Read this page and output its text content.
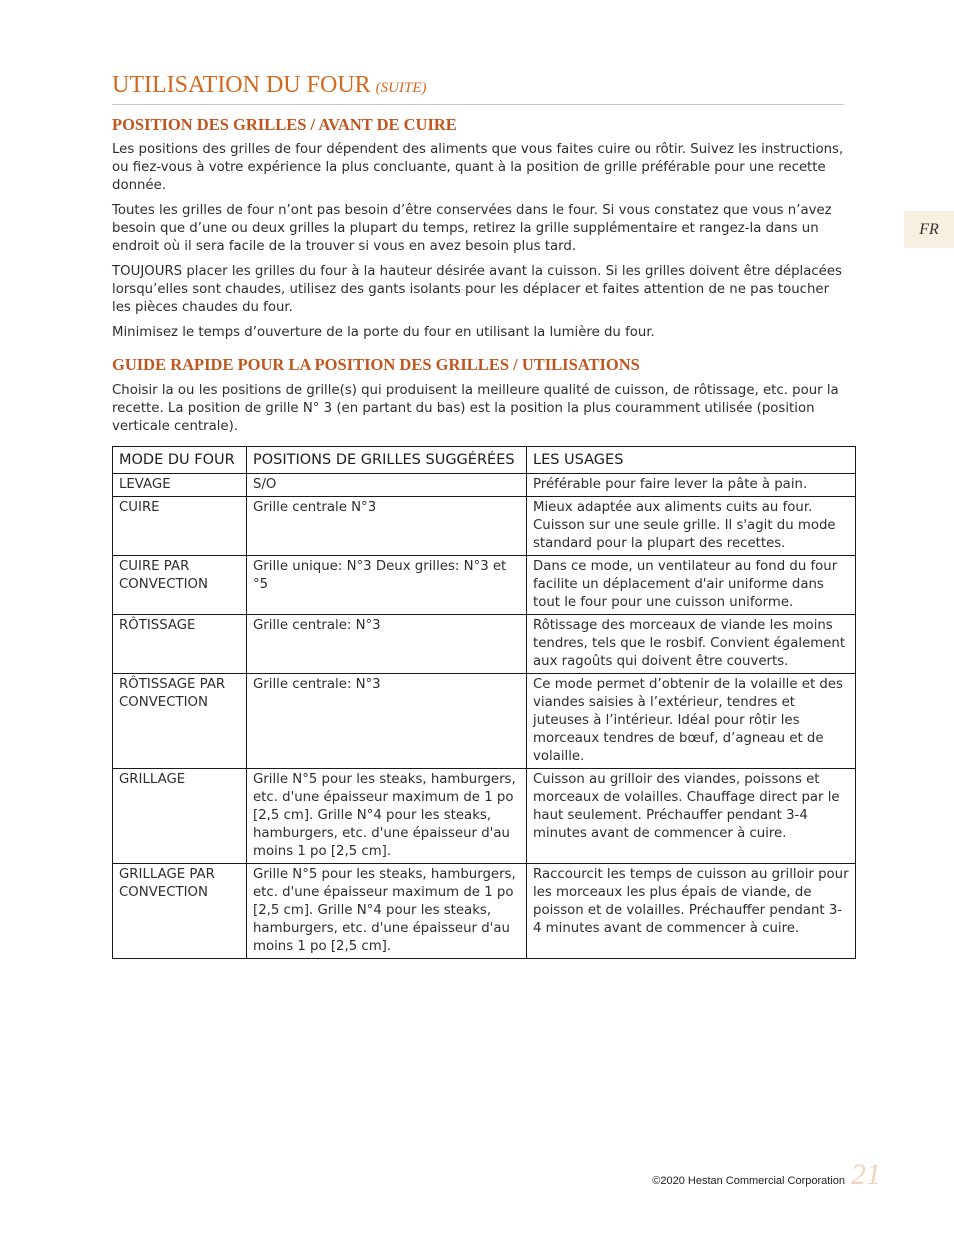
UTILISATION DU FOUR (SUITE)
FR
POSITION DES GRILLES / AVANT DE CUIRE

Les positions des grilles de four dépendent des aliments que vous faites cuire ou rôtir. Suivez les instructions, ou fiez-vous à votre expérience la plus concluante, quant à la position de grille préférable pour une recette donnée.

Toutes les grilles de four n’ont pas besoin d’être conservées dans le four. Si vous constatez que vous n’avez besoin que d’une ou deux grilles la plupart du temps, retirez la grille supplémentaire et rangez-la dans un endroit où il sera facile de la trouver si vous en avez besoin plus tard.

TOUJOURS placer les grilles du four à la hauteur désirée avant la cuisson. Si les grilles doivent être déplacées lorsqu’elles sont chaudes, utilisez des gants isolants pour les déplacer et faites attention de ne pas toucher les pièces chaudes du four.

Minimisez le temps d’ouverture de la porte du four en utilisant la lumière du four.

GUIDE RAPIDE POUR LA POSITION DES GRILLES / UTILISATIONS

Choisir la ou les positions de grille(s) qui produisent la meilleure qualité de cuisson, de rôtissage, etc. pour la recette. La position de grille N° 3 (en partant du bas) est la position la plus couramment utilisée (position verticale centrale).

MODE DU FOUR	POSITIONS DE GRILLES SUGGÉRÉES	LES USAGES
LEVAGE	S/O	Préférable pour faire lever la pâte à pain.
CUIRE	Grille centrale N°3	Mieux adaptée aux aliments cuits au four. Cuisson sur une seule grille. Il s'agit du mode standard pour la plupart des recettes.
CUIRE PAR CONVECTION	Grille unique: N°3 Deux grilles: N°3 et °5	Dans ce mode, un ventilateur au fond du four facilite un déplacement d'air uniforme dans tout le four pour une cuisson uniforme.
RÔTISSAGE	Grille centrale: N°3	Rôtissage des morceaux de viande les moins tendres, tels que le rosbif. Convient également aux ragoûts qui doivent être couverts.
RÔTISSAGE PAR CONVECTION	Grille centrale: N°3	Ce mode permet d’obtenir de la volaille et des viandes saisies à l’extérieur, tendres et juteuses à l’intérieur. Idéal pour rôtir les morceaux tendres de bœuf, d’agneau et de volaille.
GRILLAGE	Grille N°5 pour les steaks, hamburgers, etc. d'une épaisseur maximum de 1 po [2,5 cm]. Grille N°4 pour les steaks, hamburgers, etc. d'une épaisseur d'au moins 1 po [2,5 cm].	Cuisson au grilloir des viandes, poissons et morceaux de volailles. Chauffage direct par le haut seulement. Préchauffer pendant 3-4 minutes avant de commencer à cuire.
GRILLAGE PAR CONVECTION	Grille N°5 pour les steaks, hamburgers, etc. d'une épaisseur maximum de 1 po [2,5 cm]. Grille N°4 pour les steaks, hamburgers, etc. d'une épaisseur d'au moins 1 po [2,5 cm].	Raccourcit les temps de cuisson au grilloir pour les morceaux les plus épais de viande, de poisson et de volailles. Préchauffer pendant 3-4 minutes avant de commencer à cuire.
©2020 Hestan Commercial Corporation 21
